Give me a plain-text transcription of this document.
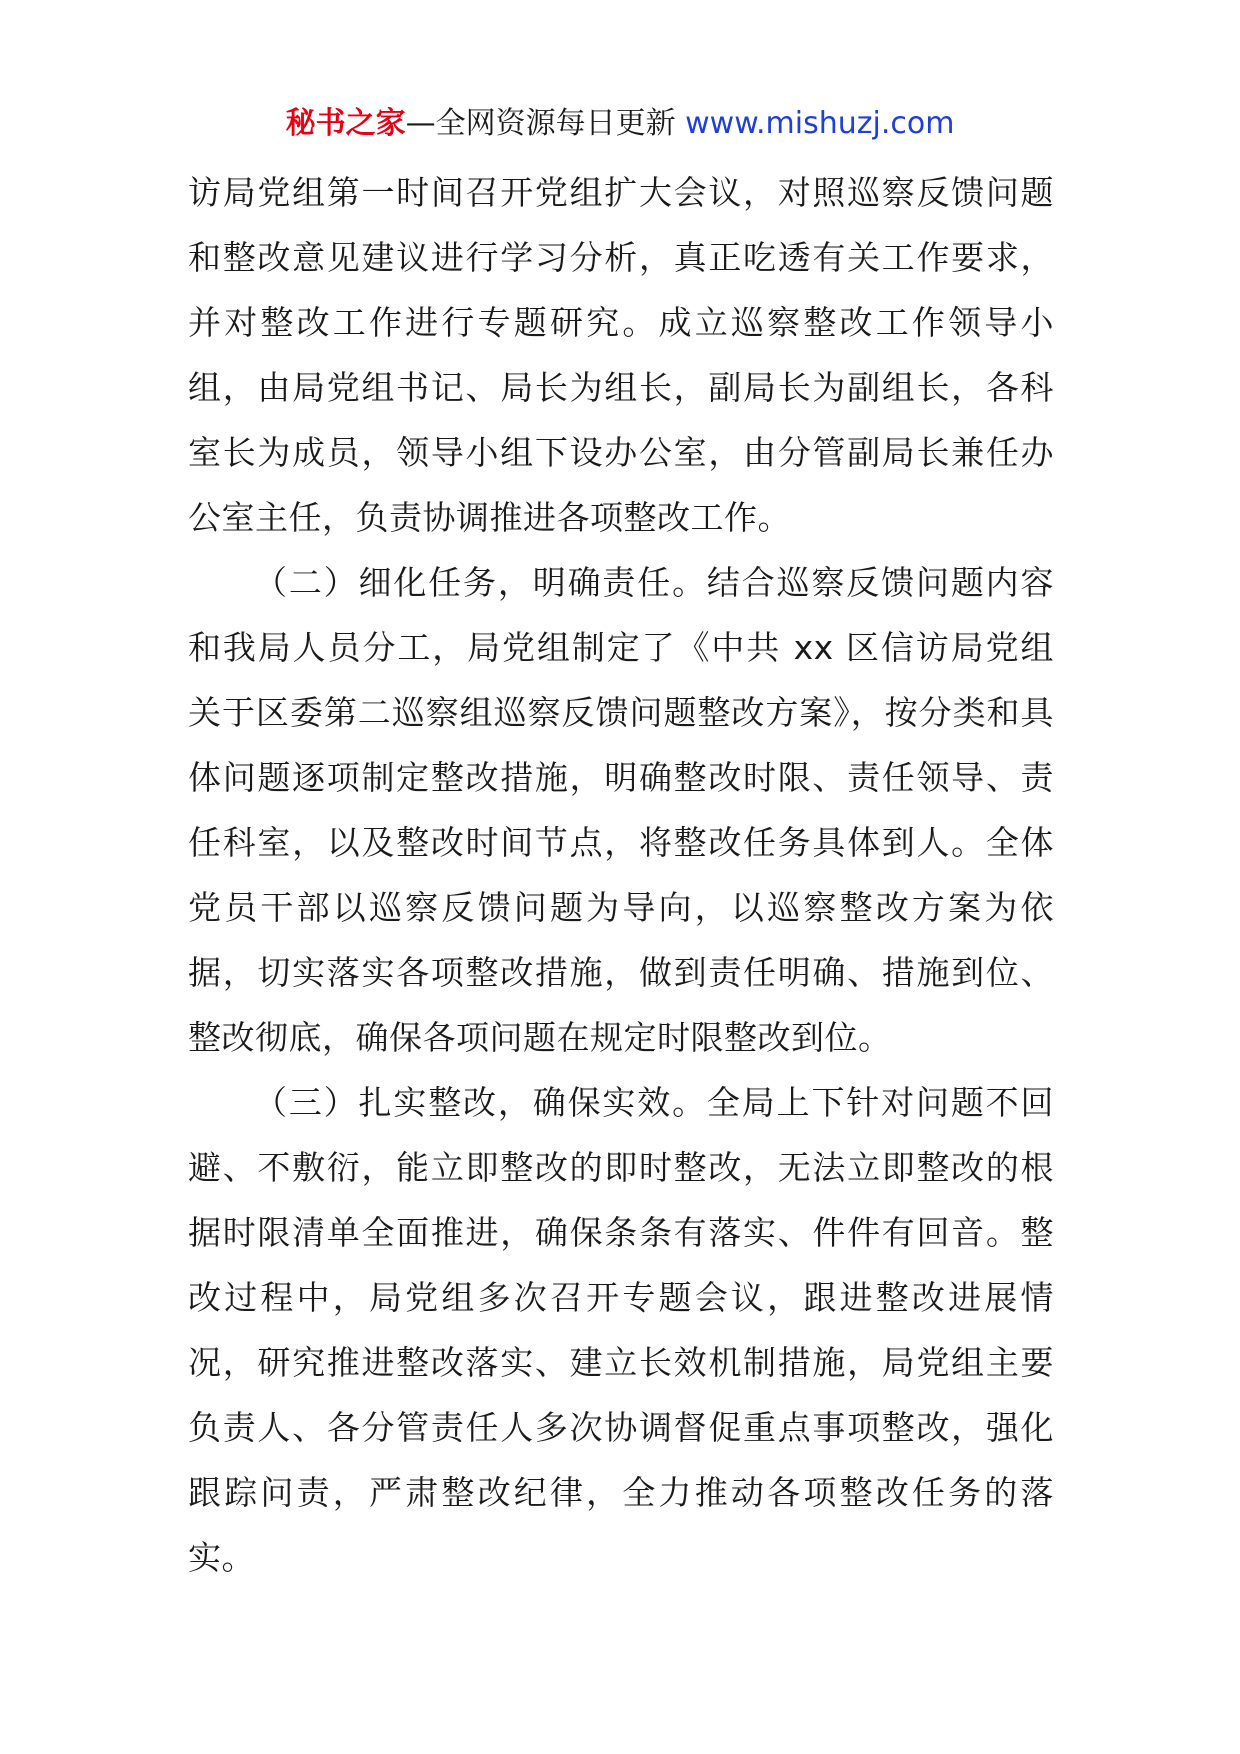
秘书之家—全网资源每日更新 www.mishuzj.com

访局党组第一时间召开党组扩大会议，对照巡察反馈问题和整改意见建议进行学习分析，真正吃透有关工作要求，并对整改工作进行专题研究。成立巡察整改工作领导小组，由局党组书记、局长为组长，副局长为副组长，各科室长为成员，领导小组下设办公室，由分管副局长兼任办公室主任，负责协调推进各项整改工作。

（二）细化任务，明确责任。结合巡察反馈问题内容和我局人员分工，局党组制定了《中共 xx 区信访局党组关于区委第二巡察组巡察反馈问题整改方案》，按分类和具体问题逐项制定整改措施，明确整改时限、责任领导、责任科室，以及整改时间节点，将整改任务具体到人。全体党员干部以巡察反馈问题为导向，以巡察整改方案为依据，切实落实各项整改措施，做到责任明确、措施到位、整改彻底，确保各项问题在规定时限整改到位。

（三）扎实整改，确保实效。全局上下针对问题不回避、不敷衍，能立即整改的即时整改，无法立即整改的根据时限清单全面推进，确保条条有落实、件件有回音。整改过程中，局党组多次召开专题会议，跟进整改进展情况，研究推进整改落实、建立长效机制措施，局党组主要负责人、各分管责任人多次协调督促重点事项整改，强化跟踪问责，严肃整改纪律，全力推动各项整改任务的落实。
